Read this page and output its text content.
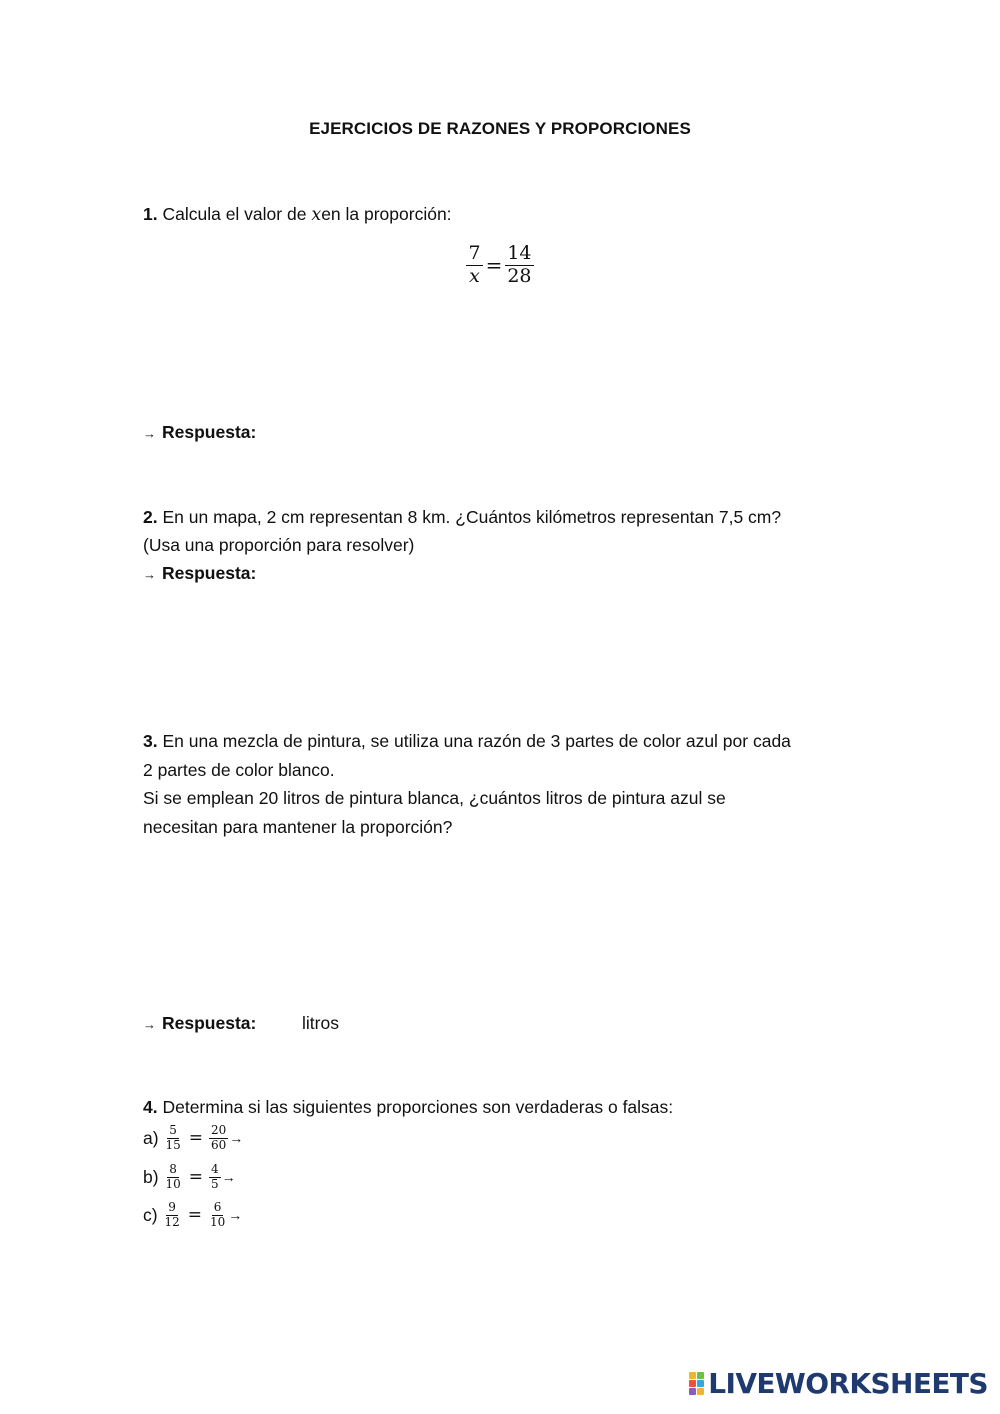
EJERCICIOS DE RAZONES Y PROPORCIONES
1. Calcula el valor de xen la proporción:
$\frac{7}{x} = \frac{14}{28}$
→ Respuesta:
2. En un mapa, 2 cm representan 8 km. ¿Cuántos kilómetros representan 7,5 cm?
(Usa una proporción para resolver)
→ Respuesta:
3. En una mezcla de pintura, se utiliza una razón de 3 partes de color azul por cada
2 partes de color blanco.
Si se emplean 20 litros de pintura blanca, ¿cuántos litros de pintura azul se
necesitan para mantener la proporción?
→ Respuesta:	litros
4. Determina si las siguientes proporciones son verdaderas o falsas:
$a) \frac{5}{15} = \frac{20}{60}$ →
$b) \frac{8}{10} = \frac{4}{5}$ →
$c) \frac{9}{12} = \frac{6}{10}$ →
LIVEWORKSHEETS
